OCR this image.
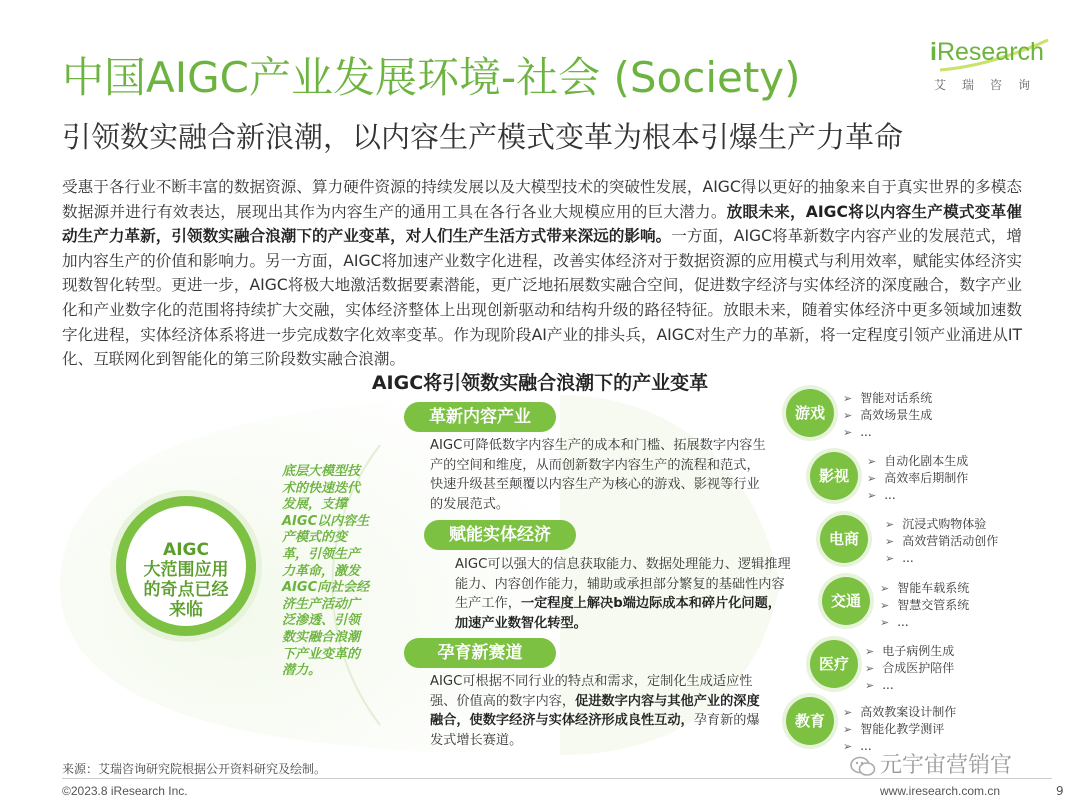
中国AIGC产业发展环境-社会 (Society)
引领数实融合新浪潮，以内容生产模式变革为根本引爆生产力革命
iResearch
艾瑞咨询
受惠于各行业不断丰富的数据资源、算力硬件资源的持续发展以及大模型技术的突破性发展，AIGC得以更好的抽象来自于真实世界的多模态数据源并进行有效表达，展现出其作为内容生产的通用工具在各行各业大规模应用的巨大潜力。放眼未来，AIGC将以内容生产模式变革催动生产力革新，引领数实融合浪潮下的产业变革，对人们生产生活方式带来深远的影响。一方面，AIGC将革新数字内容产业的发展范式，增加内容生产的价值和影响力。另一方面，AIGC将加速产业数字化进程，改善实体经济对于数据资源的应用模式与利用效率，赋能实体经济实现数智化转型。更进一步，AIGC将极大地激活数据要素潜能，更广泛地拓展数实融合空间，促进数字经济与实体经济的深度融合，数字产业化和产业数字化的范围将持续扩大交融，实体经济整体上出现创新驱动和结构升级的路径特征。放眼未来，随着实体经济中更多领域加速数字化进程，实体经济体系将进一步完成数字化效率变革。作为现阶段AI产业的排头兵，AIGC对生产力的革新，将一定程度引领产业涌进从IT化、互联网化到智能化的第三阶段数实融合浪潮。
AIGC将引领数实融合浪潮下的产业变革
AIGC
大范围应用
的奇点已经
来临
底层大模型技术的快速迭代发展，支撑AIGC以内容生产模式的变革，引领生产力革命，激发AIGC向社会经济生产活动广泛渗透、引领数实融合浪潮下产业变革的潜力。
革新内容产业
AIGC可降低数字内容生产的成本和门槛、拓展数字内容生产的空间和维度，从而创新数字内容生产的流程和范式，快速升级甚至颠覆以内容生产为核心的游戏、影视等行业的发展范式。
赋能实体经济
AIGC可以强大的信息获取能力、数据处理能力、逻辑推理能力、内容创作能力，辅助或承担部分繁复的基础性内容生产工作，一定程度上解决b端边际成本和碎片化问题，加速产业数智化转型。
孕育新赛道
AIGC可根据不同行业的特点和需求，定制化生成适应性强、价值高的数字内容，促进数字内容与其他产业的深度融合，使数字经济与实体经济形成良性互动，孕育新的爆发式增长赛道。
游戏
➢ 智能对话系统
➢ 高效场景生成
➢ ...
影视
➢ 自动化剧本生成
➢ 高效率后期制作
➢ ...
电商
➢ 沉浸式购物体验
➢ 高效营销活动创作
➢ ...
交通
➢ 智能车载系统
➢ 智慧交管系统
➢ ...
医疗
➢ 电子病例生成
➢ 合成医护陪伴
➢ ...
教育	➢ 高效教案设计制作
➢ 智能化教学测评
➢ ...
来源：艾瑞咨询研究院根据公开资料研究及绘制。
©2023.8 iResearch Inc.	www.iresearch.com.cn	9
元宇宙营销官
